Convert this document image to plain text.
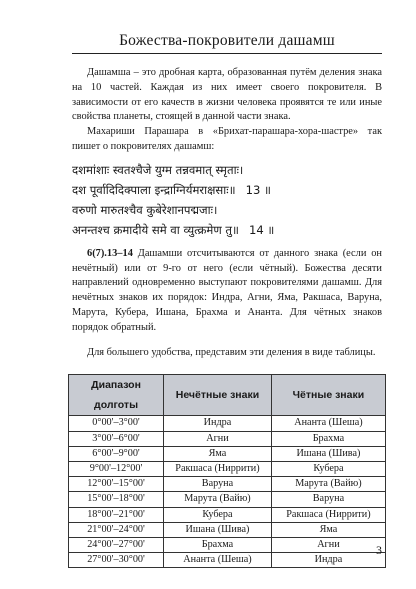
Божества-покровители дашамш

Дашамша – это дробная карта, образованная путём деления знака на 10 частей. Каждая из них имеет своего покровителя. В зависимости от его качеств в жизни человека проявятся те или иные свойства планеты, стоящей в данной части знака.

Махариши Парашара в «Брихат-парашара-хора-шастре» так пишет о покровителях дашамш:

दशमांशाः स्वतश्चैजे युग्म तन्नवमात् स्मृताः।
दश पूर्वादिदिक्पाला इन्द्राग्निर्यमराक्षसाः॥ 13 ॥
वरुणो मारुतश्चैव कुबेरेशानपद्मजाः।
अनन्तश्च क्रमादीये समे वा व्युत्क्रमेण तु॥ 14 ॥

6(7).13–14 Дашамши отсчитываются от данного знака (если он нечётный) или от 9-го от него (если чётный). Божества десяти направлений одновременно выступают покровителями дашамш. Для нечётных знаков их порядок: Индра, Агни, Яма, Ракшаса, Варуна, Марута, Кубера, Ишана, Брахма и Ананта. Для чётных знаков порядок обратный.

Для большего удобства, представим эти деления в виде таблицы.

Диапазон долготы	Нечётные знаки	Чётные знаки
0°00'–3°00'	Индра	Ананта (Шеша)
3°00'–6°00'	Агни	Брахма
6°00'–9°00'	Яма	Ишана (Шива)
9°00'–12°00'	Ракшаса (Ниррити)	Кубера
12°00'–15°00'	Варуна	Марута (Вайю)
15°00'–18°00'	Марута (Вайю)	Варуна
18°00'–21°00'	Кубера	Ракшаса (Ниррити)
21°00'–24°00'	Ишана (Шива)	Яма
24°00'–27°00'	Брахма	Агни
27°00'–30°00'	Ананта (Шеша)	Индра
3
